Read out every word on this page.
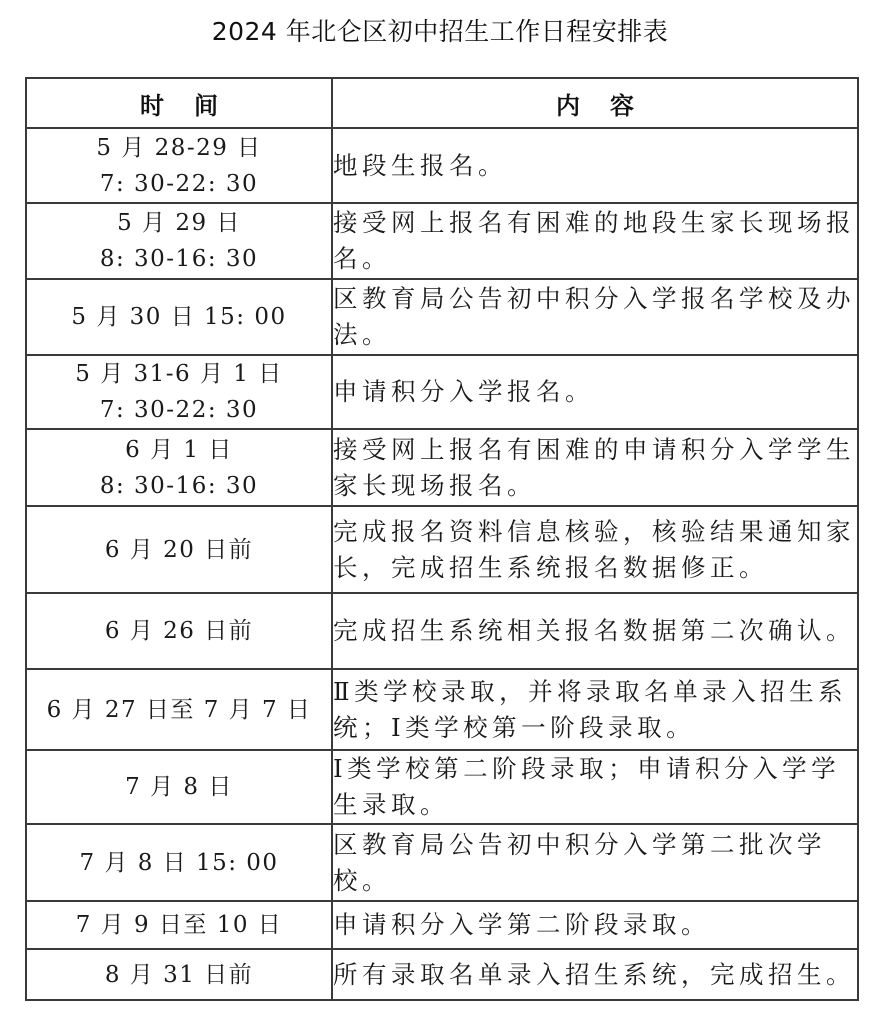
2024 年北仑区初中招生工作日程安排表
时间	内容

5 月 28-29 日
7: 30-22: 30	地段生报名。

5 月 29 日
8: 30-16: 30	接受网上报名有困难的地段生家长现场报名。

5 月 30 日 15: 00	区教育局公告初中积分入学报名学校及办法。

5 月 31-6 月 1 日
7: 30-22: 30	申请积分入学报名。

6 月 1 日
8: 30-16: 30	接受网上报名有困难的申请积分入学学生家长现场报名。

6 月 20 日前	完成报名资料信息核验，核验结果通知家长，完成招生系统报名数据修正。

6 月 26 日前	完成招生系统相关报名数据第二次确认。

6 月 27 日至 7 月 7 日	Ⅱ类学校录取，并将录取名单录入招生系统；Ⅰ类学校第一阶段录取。

7 月 8 日	Ⅰ类学校第二阶段录取；申请积分入学学生录取。

7 月 8 日 15: 00	区教育局公告初中积分入学第二批次学校。

7 月 9 日至 10 日	申请积分入学第二阶段录取。

8 月 31 日前	所有录取名单录入招生系统，完成招生。
